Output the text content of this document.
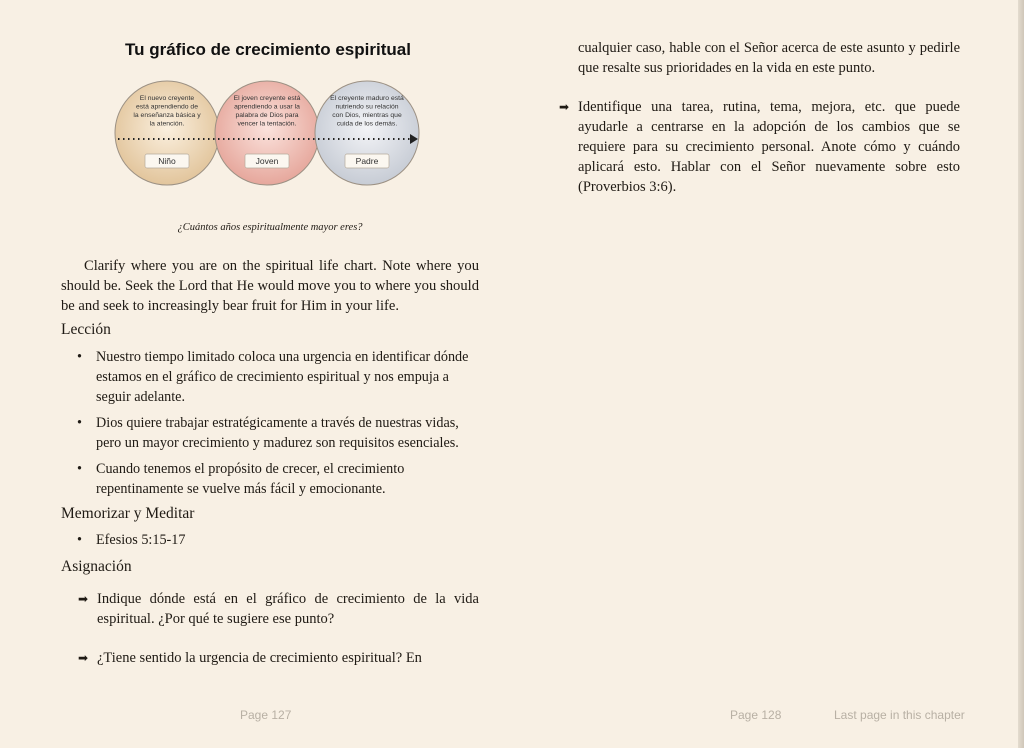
Tu gráfico de crecimiento espiritual
El nuevo creyente está aprendiendo de la enseñanza básica y la atención.
El joven creyente está aprendiendo a usar la palabra de Dios para vencer la tentación.
El creyente maduro está nutriendo su relación con Dios, mientras que cuida de los demás.
Niño	Joven	Padre
¿Cuántos años espiritualmente mayor eres?
Clarify where you are on the spiritual life chart. Note where you should be. Seek the Lord that He would move you to where you should be and seek to increasingly bear fruit for Him in your life.
Lección
• Nuestro tiempo limitado coloca una urgencia en identificar dónde estamos en el gráfico de crecimiento espiritual y nos empuja a seguir adelante.
• Dios quiere trabajar estratégicamente a través de nuestras vidas, pero un mayor crecimiento y madurez son requisitos esenciales.
• Cuando tenemos el propósito de crecer, el crecimiento repentinamente se vuelve más fácil y emocionante.
Memorizar y Meditar
• Efesios 5:15-17
Asignación
➡ Indique dónde está en el gráfico de crecimiento de la vida espiritual. ¿Por qué te sugiere ese punto?
➡ ¿Tiene sentido la urgencia de crecimiento espiritual? En
Page 127
cualquier caso, hable con el Señor acerca de este asunto y pedirle que resalte sus prioridades en la vida en este punto.
➡ Identifique una tarea, rutina, tema, mejora, etc. que puede ayudarle a centrarse en la adopción de los cambios que se requiere para su crecimiento personal. Anote cómo y cuándo aplicará esto. Hablar con el Señor nuevamente sobre esto (Proverbios 3:6).
Page 128	Last page in this chapter
